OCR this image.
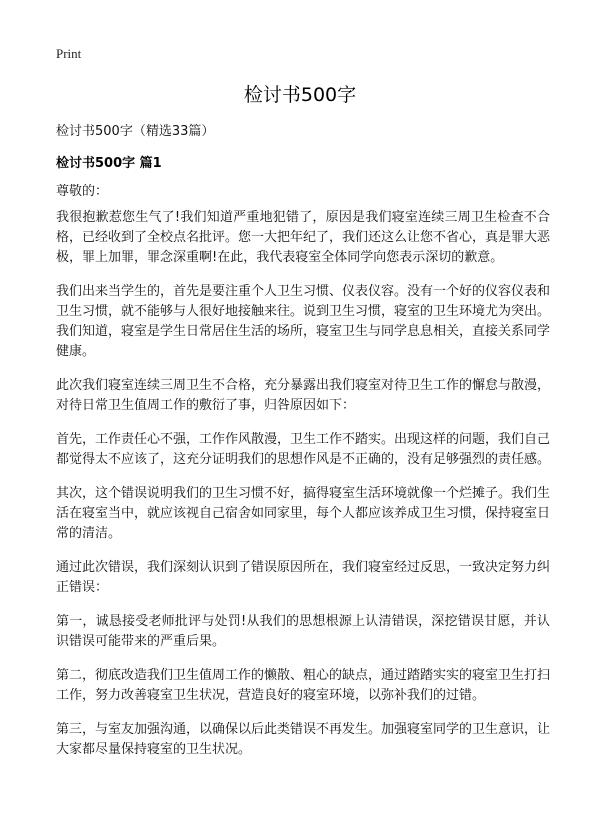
Print
检讨书500字
检讨书500字（精选33篇）
检讨书500字 篇1
尊敬的：

我很抱歉惹您生气了!我们知道严重地犯错了，原因是我们寝室连续三周卫生检查不合格，已经收到了全校点名批评。您一大把年纪了，我们还这么让您不省心，真是罪大恶极，罪上加罪，罪念深重啊!在此，我代表寝室全体同学向您表示深切的歉意。

我们出来当学生的，首先是要注重个人卫生习惯、仪表仪容。没有一个好的仪容仪表和卫生习惯，就不能够与人很好地接触来往。说到卫生习惯，寝室的卫生环境尤为突出。我们知道，寝室是学生日常居住生活的场所，寝室卫生与同学息息相关，直接关系同学健康。

此次我们寝室连续三周卫生不合格，充分暴露出我们寝室对待卫生工作的懈怠与散漫，对待日常卫生值周工作的敷衍了事，归咎原因如下：

首先，工作责任心不强，工作作风散漫，卫生工作不踏实。出现这样的问题，我们自己都觉得太不应该了，这充分证明我们的思想作风是不正确的，没有足够强烈的责任感。

其次，这个错误说明我们的卫生习惯不好，搞得寝室生活环境就像一个烂摊子。我们生活在寝室当中，就应该视自己宿舍如同家里，每个人都应该养成卫生习惯，保持寝室日常的清洁。

通过此次错误，我们深刻认识到了错误原因所在，我们寝室经过反思，一致决定努力纠正错误：

第一，诚恳接受老师批评与处罚!从我们的思想根源上认清错误，深挖错误甘愿，并认识错误可能带来的严重后果。

第二，彻底改造我们卫生值周工作的懒散、粗心的缺点，通过踏踏实实的寝室卫生打扫工作，努力改善寝室卫生状况，营造良好的寝室环境，以弥补我们的过错。

第三，与室友加强沟通，以确保以后此类错误不再发生。加强寝室同学的卫生意识，让大家都尽量保持寝室的卫生状况。
